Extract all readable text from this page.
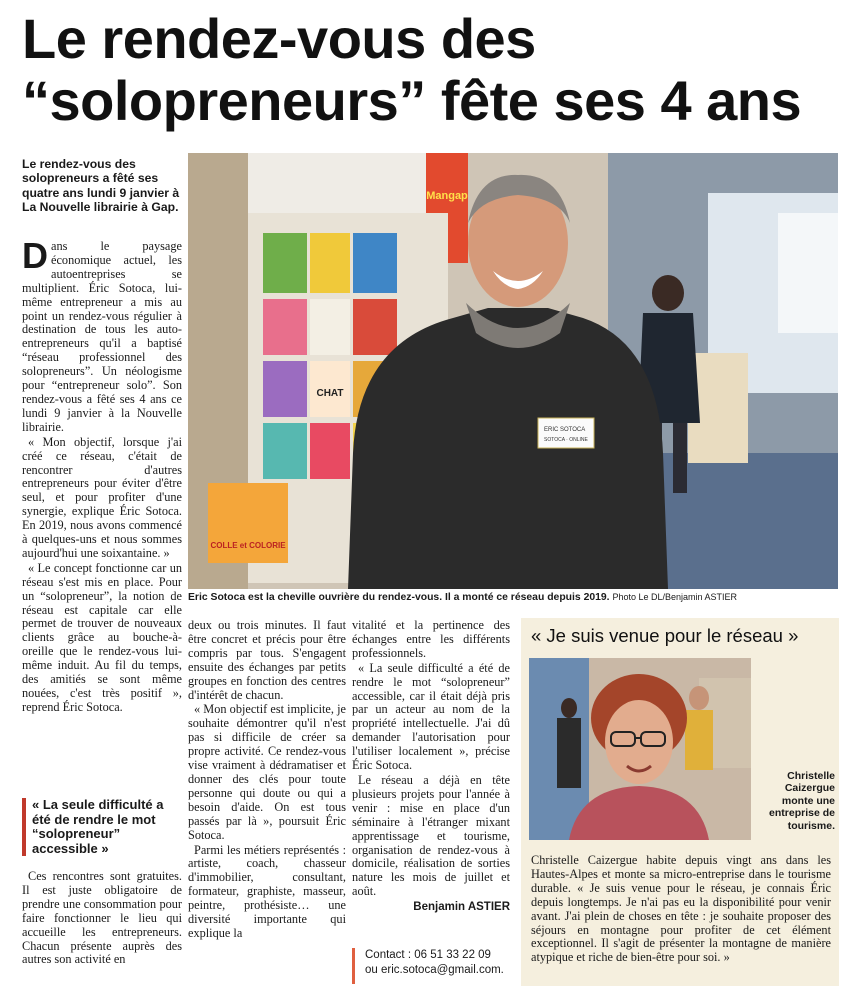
Le rendez-vous des
“solopreneurs” fête ses 4 ans
Le rendez-vous des solopreneurs a fêté ses quatre ans lundi 9 janvier à La Nouvelle librairie à Gap.

Dans le paysage économique actuel, les autoentreprises se multiplient. Éric Sotoca, lui-même entrepreneur a mis au point un rendez-vous régulier à destination de tous les auto-entrepreneurs qu'il a baptisé “réseau professionnel des solopreneurs”. Un néologisme pour “entrepreneur solo”. Son rendez-vous a fêté ses 4 ans ce lundi 9 janvier à la Nouvelle librairie.

« Mon objectif, lorsque j'ai créé ce réseau, c'était de rencontrer d'autres entrepreneurs pour éviter d'être seul, et pour profiter d'une synergie, explique Éric Sotoca. En 2019, nous avons commencé à quelques-uns et nous sommes aujourd'hui une soixantaine. »

« Le concept fonctionne car un réseau s'est mis en place. Pour un “solopreneur”, la notion de réseau est capitale car elle permet de trouver de nouveaux clients grâce au bouche-à-oreille que le rendez-vous lui-même induit. Au fil du temps, des amitiés se sont même nouées, c'est très positif », reprend Éric Sotoca.

« La seule difficulté a été de rendre le mot “solopreneur” accessible »

Ces rencontres sont gratuites. Il est juste obligatoire de prendre une consommation pour faire fonctionner le lieu qui accueille les entrepreneurs. Chacun présente auprès des autres son activité en

Mangap
COLLE et COLORIE
CHAT
ERIC SOTOCA
SOTOCA · ONLINE
Eric Sotoca est la cheville ouvrière du rendez-vous. Il a monté ce réseau depuis 2019. Photo Le DL/Benjamin ASTIER

deux ou trois minutes. Il faut être concret et précis pour être compris par tous. S'engagent ensuite des échanges par petits groupes en fonction des centres d'intérêt de chacun.

« Mon objectif est implicite, je souhaite démontrer qu'il n'est pas si difficile de créer sa propre activité. Ce rendez-vous vise vraiment à dédramatiser et donner des clés pour toute personne qui doute ou qui a besoin d'aide. On est tous passés par là », poursuit Éric Sotoca.

Parmi les métiers représentés : artiste, coach, chasseur d'immobilier, consultant, formateur, graphiste, masseur, peintre, prothésiste… une diversité importante qui explique la

vitalité et la pertinence des échanges entre les différents professionnels.

« La seule difficulté a été de rendre le mot “solopreneur” accessible, car il était déjà pris par un acteur au nom de la propriété intellectuelle. J'ai dû demander l'autorisation pour l'utiliser localement », précise Éric Sotoca.

Le réseau a déjà en tête plusieurs projets pour l'année à venir : mise en place d'un séminaire à l'étranger mixant apprentissage et tourisme, organisation de rendez-vous à domicile, réalisation de sorties nature les mois de juillet et août.

Benjamin ASTIER
Contact : 06 51 33 22 09
ou eric.sotoca@gmail.com.
« Je suis venue pour le réseau »
Christelle Caizergue monte une entreprise de tourisme.
Christelle Caizergue habite depuis vingt ans dans les Hautes-Alpes et monte sa micro-entreprise dans le tourisme durable. « Je suis venue pour le réseau, je connais Éric depuis longtemps. Je n'ai pas eu la disponibilité pour venir avant. J'ai plein de choses en tête : je souhaite proposer des séjours en montagne pour profiter de cet élément exceptionnel. Il s'agit de présenter la montagne de manière atypique et riche de bien-être pour soi. »
